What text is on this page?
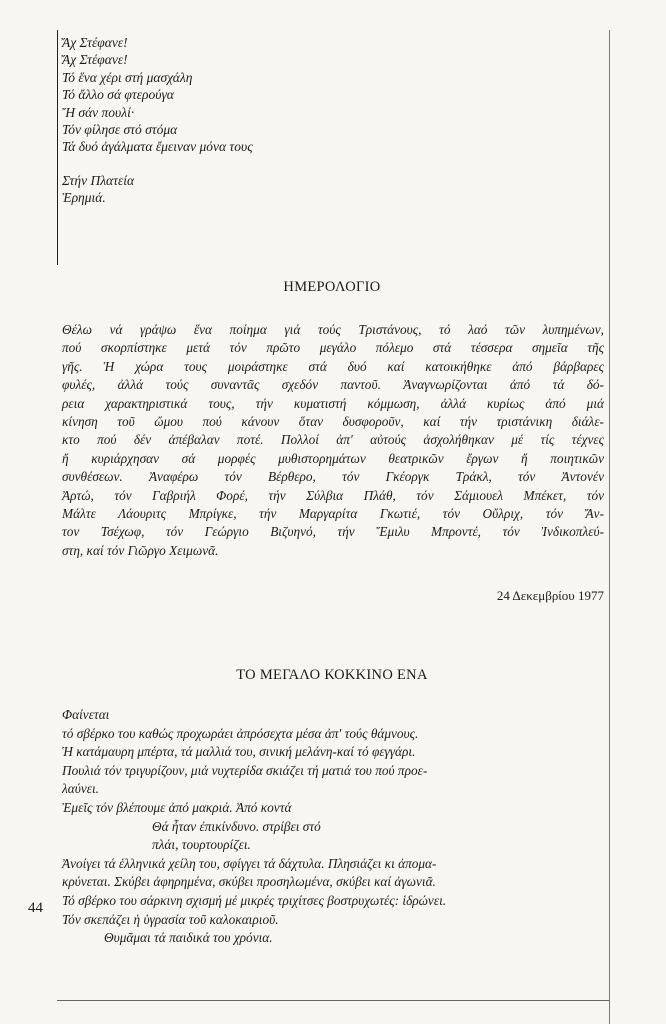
Ἄχ Στέφανε!
Ἄχ Στέφανε!
Τό ἕνα χέρι στή μασχάλη
Τό ἄλλο σά φτερούγα
Ἤ σάν πουλί·
Τόν φίλησε στό στόμα
Τά δυό ἀγάλματα ἔμειναν μόνα τους
Στήν Πλατεία
Ἐρημιά.
ΗΜΕΡΟΛΟΓΙΟ
Θέλω νά γράψω ἕνα ποίημα γιά τούς Τριστάνους, τό λαό τῶν λυπημένων,
πού σκορπίστηκε μετά τόν πρῶτο μεγάλο πόλεμο στά τέσσερα σημεῖα τῆς
γῆς. Ἡ χώρα τους μοιράστηκε στά δυό καί κατοικήθηκε ἀπό βάρβαρες
φυλές, ἀλλά τούς συναντᾶς σχεδόν παντοῦ. Ἀναγνωρίζονται ἀπό τά δό-
ρεια χαρακτηριστικά τους, τήν κυματιστή κόμμωση, ἀλλά κυρίως ἀπό μιά
κίνηση τοῦ ὤμου πού κάνουν ὅταν δυσφοροῦν, καί τήν τριστάνικη διάλε-
κτο πού δέν ἀπέβαλαν ποτέ. Πολλοί ἀπ' αὐτούς ἀσχολήθηκαν μέ τίς τέχνες
ἤ κυριάρχησαν σά μορφές μυθιστορημάτων θεατρικῶν ἔργων ἤ ποιητικῶν
συνθέσεων. Ἀναφέρω τόν Βέρθερο, τόν Γκέοργκ Τράκλ, τόν Ἀντονέν
Ἀρτώ, τόν Γαβριήλ Φορέ, τήν Σύλβια Πλάθ, τόν Σάμιουελ Μπέκετ, τόν
Μάλτε Λάουριτς Μπρίγκε, τήν Μαργαρίτα Γκωτιέ, τόν Οὔλριχ, τόν Ἄν-
τον Τσέχωφ, τόν Γεώργιο Βιζυηνό, τήν Ἔμιλυ Μπροντέ, τόν Ἰνδικοπλεύ-
στη, καί τόν Γιῶργο Χειμωνᾶ.
24 Δεκεμβρίου 1977
ΤΟ ΜΕΓΑΛΟ ΚΟΚΚΙΝΟ ΕΝΑ
Φαίνεται
τό σβέρκο του καθώς προχωράει ἀπρόσεχτα μέσα ἀπ' τούς θάμνους.
Ἡ κατάμαυρη μπέρτα, τά μαλλιά του, σινική μελάνη-καί τό φεγγάρι.
Πουλιά τόν τριγυρίζουν, μιά νυχτερίδα σκιάζει τή ματιά του πού προε-
λαύνει.
Ἐμεῖς τόν βλέπουμε ἀπό μακριά. Ἀπό κοντά
Θά ἦταν ἐπικίνδυνο. στρίβει στό
πλάι, τουρτουρίζει.
Ἀνοίγει τά ἑλληνικά χείλη του, σφίγγει τά δάχτυλα. Πλησιάζει κι ἀπομα-
κρύνεται. Σκύβει ἀφηρημένα, σκύβει προσηλωμένα, σκύβει καί ἀγωνιᾶ.
Τό σβέρκο του σάρκινη σχισμή μέ μικρές τριχίτσες βοστρυχωτές: ἱδρώνει.
Τόν σκεπάζει ἡ ὑγρασία τοῦ καλοκαιριοῦ.
Θυμᾶμαι τά παιδικά του χρόνια.
44
